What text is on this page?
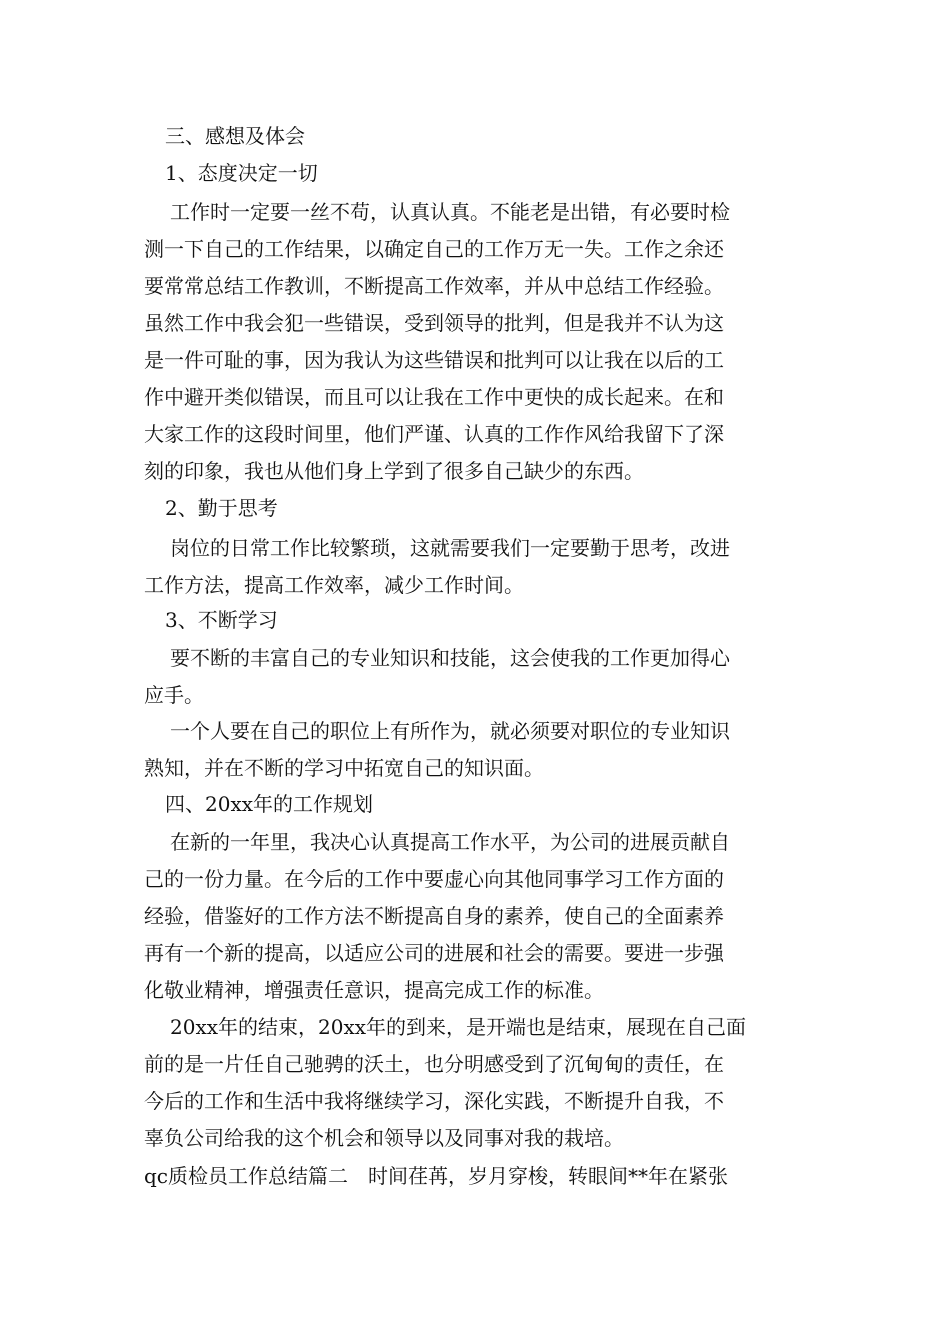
三、感想及体会
1、态度决定一切
工作时一定要一丝不苟，认真认真。不能老是出错，有必要时检
测一下自己的工作结果，以确定自己的工作万无一失。工作之余还
要常常总结工作教训，不断提高工作效率，并从中总结工作经验。
虽然工作中我会犯一些错误，受到领导的批判，但是我并不认为这
是一件可耻的事，因为我认为这些错误和批判可以让我在以后的工
作中避开类似错误，而且可以让我在工作中更快的成长起来。在和
大家工作的这段时间里，他们严谨、认真的工作作风给我留下了深
刻的印象，我也从他们身上学到了很多自己缺少的东西。
2、勤于思考
岗位的日常工作比较繁琐，这就需要我们一定要勤于思考，改进
工作方法，提高工作效率，减少工作时间。
3、不断学习
要不断的丰富自己的专业知识和技能，这会使我的工作更加得心
应手。
一个人要在自己的职位上有所作为，就必须要对职位的专业知识
熟知，并在不断的学习中拓宽自己的知识面。
四、20xx年的工作规划
在新的一年里，我决心认真提高工作水平，为公司的进展贡献自
己的一份力量。在今后的工作中要虚心向其他同事学习工作方面的
经验，借鉴好的工作方法不断提高自身的素养，使自己的全面素养
再有一个新的提高，以适应公司的进展和社会的需要。要进一步强
化敬业精神，增强责任意识，提高完成工作的标准。
20xx年的结束，20xx年的到来，是开端也是结束，展现在自己面
前的是一片任自己驰骋的沃土，也分明感受到了沉甸甸的责任，在
今后的工作和生活中我将继续学习，深化实践，不断提升自我，不
辜负公司给我的这个机会和领导以及同事对我的栽培。
qc质检员工作总结篇二　时间荏苒，岁月穿梭，转眼间**年在紧张
